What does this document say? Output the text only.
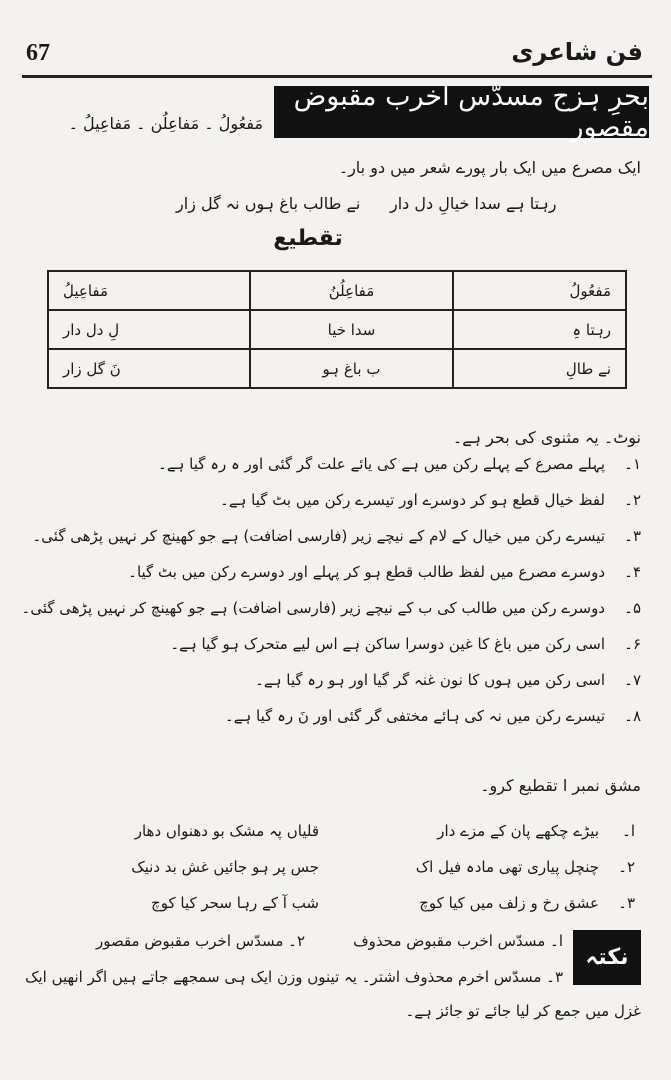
67	فن شاعری
بحرِ ہزج مسدّس اخرب مقبوض مقصور
مَفعُولُ ۔ مَفاعِلُن ۔ مَفاعِیلُ ۔
ایک مصرع میں ایک بار پورے شعر میں دو بار۔
رہتا ہے سدا خیالِ دل دار
نے طالب باغ ہوں نہ گل زار
تقطیع
مَفعُولُ	مَفاعِلُنُ	مَفاعِیلُ
رہتا ہِ	سدا خیا	لِ دل دار
نے طالِ	ب باغ ہو	نَ گل زار
نوٹ۔ یہ مثنوی کی بحر ہے۔
۱۔پہلے مصرع کے پہلے رکن میں ہے کی یائے علت گر گئی اور ہ رہ گیا ہے۔
۲۔لفظ خیال قطع ہو کر دوسرے اور تیسرے رکن میں بٹ گیا ہے۔
۳۔تیسرے رکن میں خیال کے لام کے نیچے زیر (فارسی اضافت) ہے جو کھینچ کر نہیں پڑھی گئی۔
۴۔دوسرے مصرع میں لفظ طالب قطع ہو کر پہلے اور دوسرے رکن میں بٹ گیا۔
۵۔دوسرے رکن میں طالب کی ب کے نیچے زیر (فارسی اضافت) ہے جو کھینچ کر نہیں پڑھی گئی۔
۶۔اسی رکن میں باغ کا غین دوسرا ساکن ہے اس لیے متحرک ہو گیا ہے۔
۷۔اسی رکن میں ہوں کا نون غنہ گر گیا اور ہو رہ گیا ہے۔
۸۔تیسرے رکن میں نہ کی ہائے مختفی گر گئی اور نَ رہ گیا ہے۔
مشق نمبر ا تقطیع کرو۔
ا۔
بیڑے چکھے پان کے مزے دار
قلیاں پہ مشک بو دھنواں دھار
۲۔
چنچل پیاری تھی مادہ فیل اک
جس پر ہو جائیں غش بد دنیک
۳۔
عشق رخ و زلف میں کیا کوچ
شب آ کے رہا سحر کیا کوچ
نکتہ
ا۔ مسدّس اخرب مقبوض محذوف
۲۔ مسدّس اخرب مقبوض مقصور
۳۔ مسدّس اخرم محذوف اشتر۔ یہ تینوں وزن ایک ہی سمجھے جاتے ہیں اگر انھیں ایک
غزل میں جمع کر لیا جائے تو جائز ہے۔
